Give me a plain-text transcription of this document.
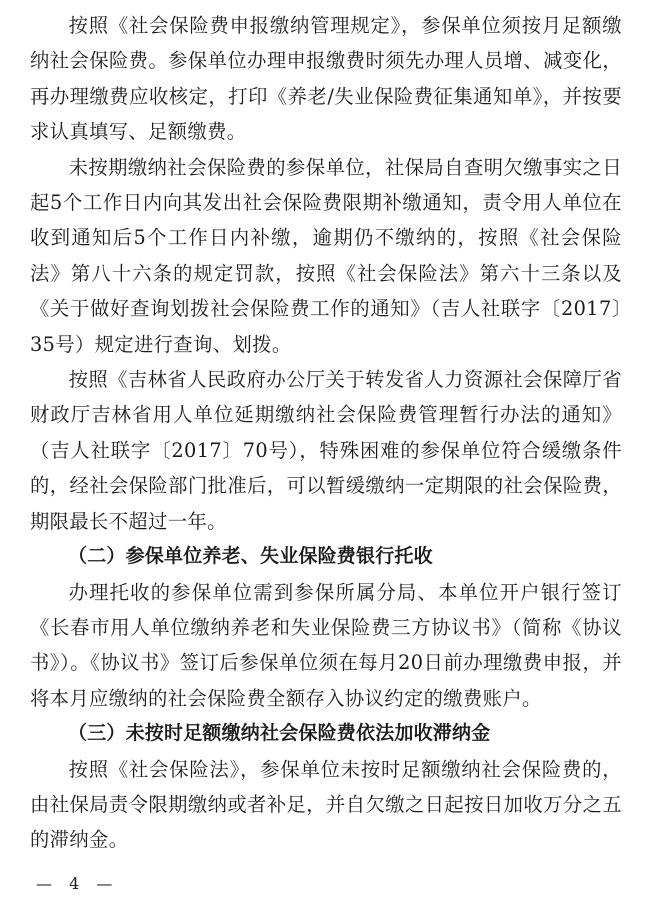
按照《社会保险费申报缴纳管理规定》，参保单位须按月足额缴纳社会保险费。参保单位办理申报缴费时须先办理人员增、减变化，再办理缴费应收核定，打印《养老/失业保险费征集通知单》，并按要求认真填写、足额缴费。

未按期缴纳社会保险费的参保单位，社保局自查明欠缴事实之日起5个工作日内向其发出社会保险费限期补缴通知，责令用人单位在收到通知后5个工作日内补缴，逾期仍不缴纳的，按照《社会保险法》第八十六条的规定罚款，按照《社会保险法》第六十三条以及《关于做好查询划拨社会保险费工作的通知》（吉人社联字〔2017〕35号）规定进行查询、划拨。

按照《吉林省人民政府办公厅关于转发省人力资源社会保障厅省财政厅吉林省用人单位延期缴纳社会保险费管理暂行办法的通知》（吉人社联字〔2017〕70号），特殊困难的参保单位符合缓缴条件的，经社会保险部门批准后，可以暂缓缴纳一定期限的社会保险费，期限最长不超过一年。

（二）参保单位养老、失业保险费银行托收

办理托收的参保单位需到参保所属分局、本单位开户银行签订《长春市用人单位缴纳养老和失业保险费三方协议书》（简称《协议书》）。《协议书》签订后参保单位须在每月20日前办理缴费申报，并将本月应缴纳的社会保险费全额存入协议约定的缴费账户。

（三）未按时足额缴纳社会保险费依法加收滞纳金

按照《社会保险法》，参保单位未按时足额缴纳社会保险费的，由社保局责令限期缴纳或者补足，并自欠缴之日起按日加收万分之五的滞纳金。

— 4 —
